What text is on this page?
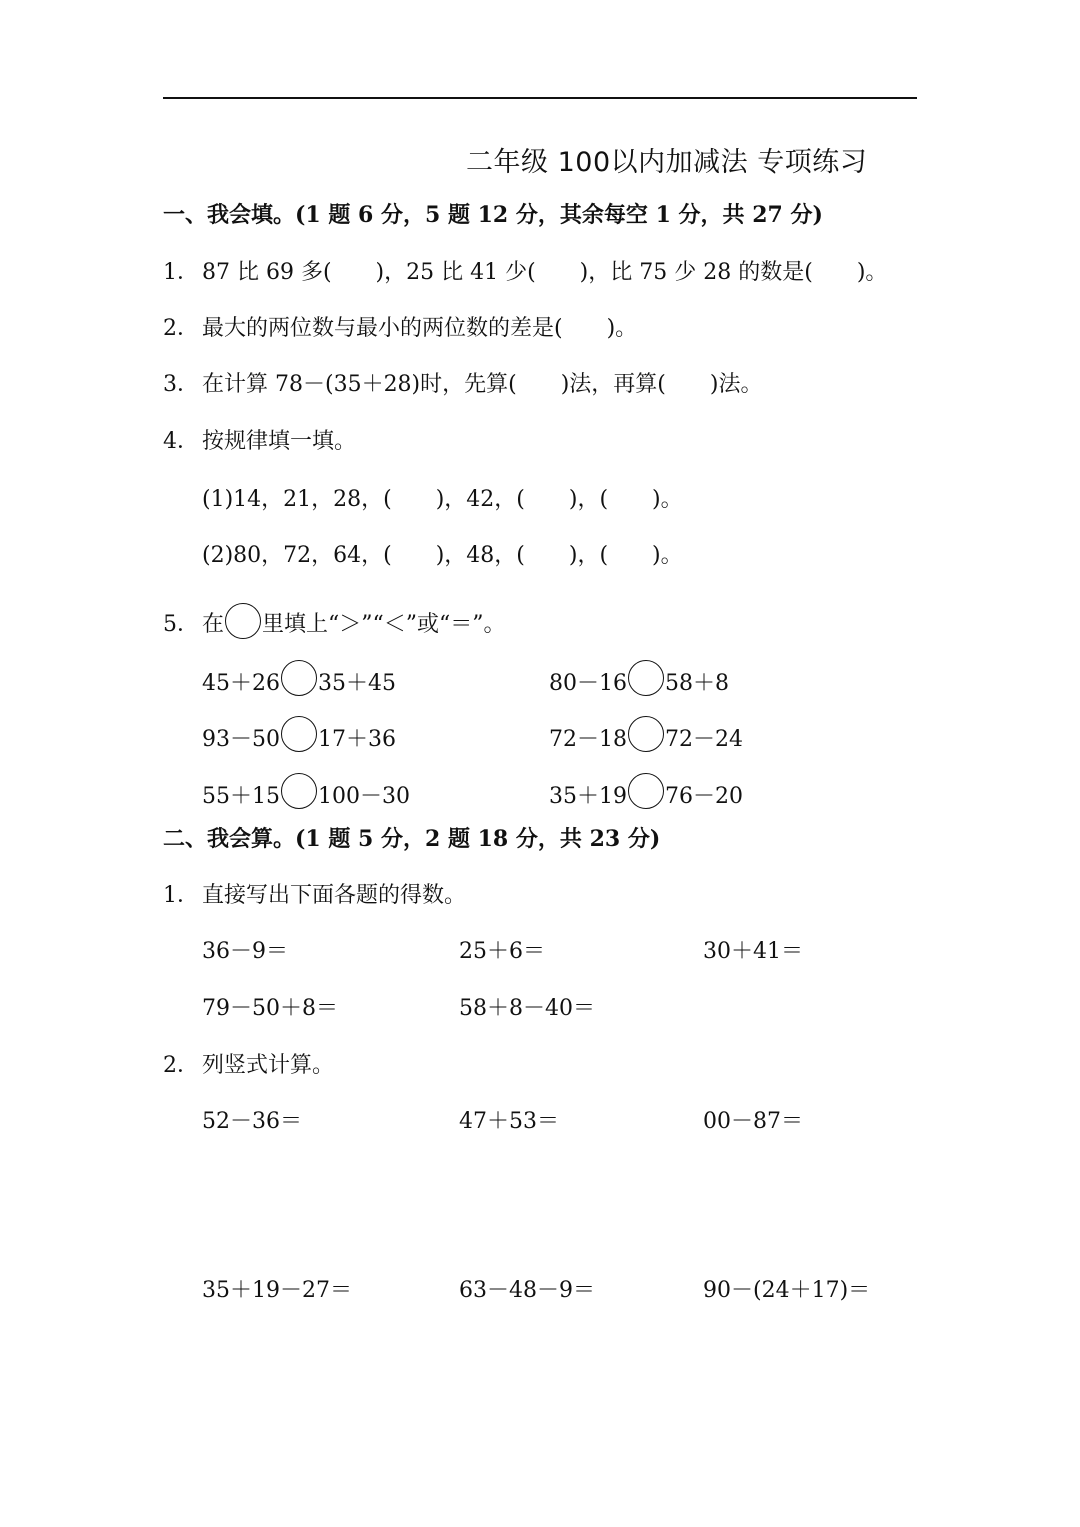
二年级 100以内加减法 专项练习
一、我会填。(1 题 6 分，5 题 12 分，其余每空 1 分，共 27 分)
1． 87 比 69 多(　　)，25 比 41 少(　　)，比 75 少 28 的数是(　　)。
2． 最大的两位数与最小的两位数的差是(　　)。
3． 在计算 78－(35＋28)时，先算(　　)法，再算(　　)法。
4． 按规律填一填。
(1)14，21，28，(　　)，42，(　　)，(　　)。
(2)80，72，64，(　　)，48，(　　)，(　　)。
5． 在 里填上“＞”“＜”或“＝”。
45＋26 35＋45	80－16 58＋8
93－50 17＋36	72－18 72－24
55＋15 100－30	35＋19 76－20
二、我会算。(1 题 5 分，2 题 18 分，共 23 分)
1． 直接写出下面各题的得数。
36－9＝	25＋6＝	30＋41＝
79－50＋8＝	58＋8－40＝
2． 列竖式计算。
52－36＝	47＋53＝	00－87＝
35＋19－27＝	63－48－9＝	90－(24＋17)＝
